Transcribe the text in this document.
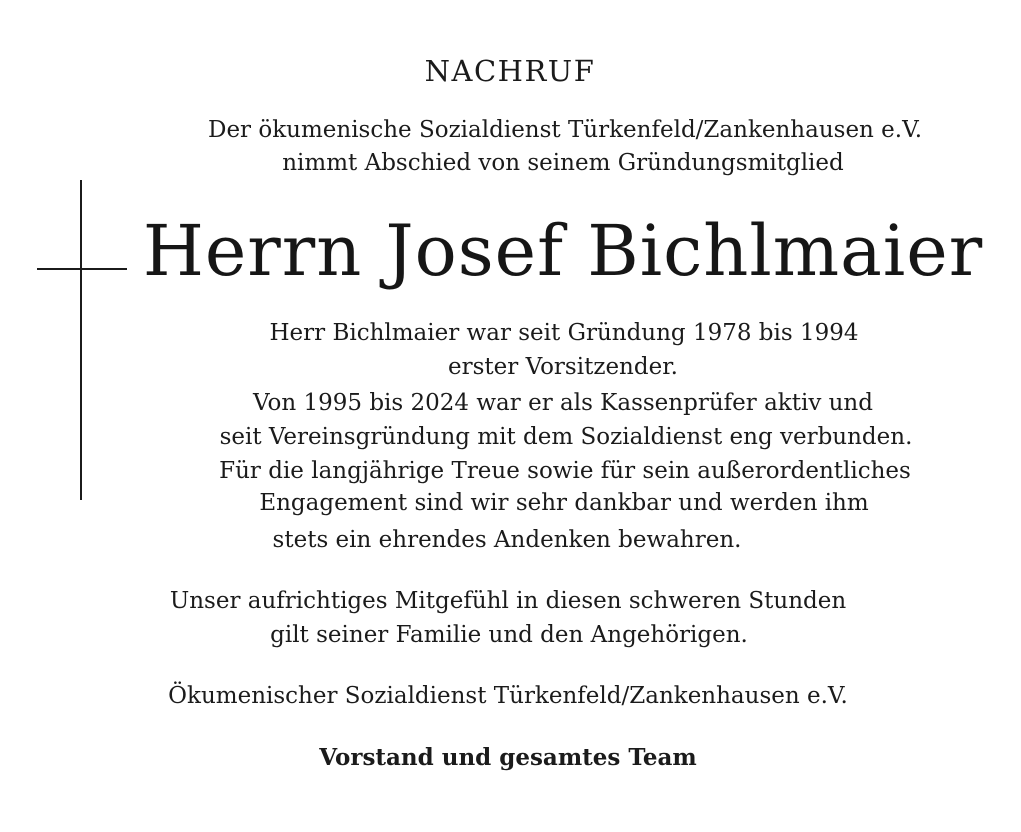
NACHRUF
Der ökumenische Sozialdienst Türkenfeld/Zankenhausen e.V.
nimmt Abschied von seinem Gründungsmitglied
Herrn Josef Bichlmaier
Herr Bichlmaier war seit Gründung 1978 bis 1994
erster Vorsitzender.
Von 1995 bis 2024 war er als Kassenprüfer aktiv und
seit Vereinsgründung mit dem Sozialdienst eng verbunden.
Für die langjährige Treue sowie für sein außerordentliches
Engagement sind wir sehr dankbar und werden ihm
stets ein ehrendes Andenken bewahren.
Unser aufrichtiges Mitgefühl in diesen schweren Stunden
gilt seiner Familie und den Angehörigen.
Ökumenischer Sozialdienst Türkenfeld/Zankenhausen e.V.
Vorstand und gesamtes Team
